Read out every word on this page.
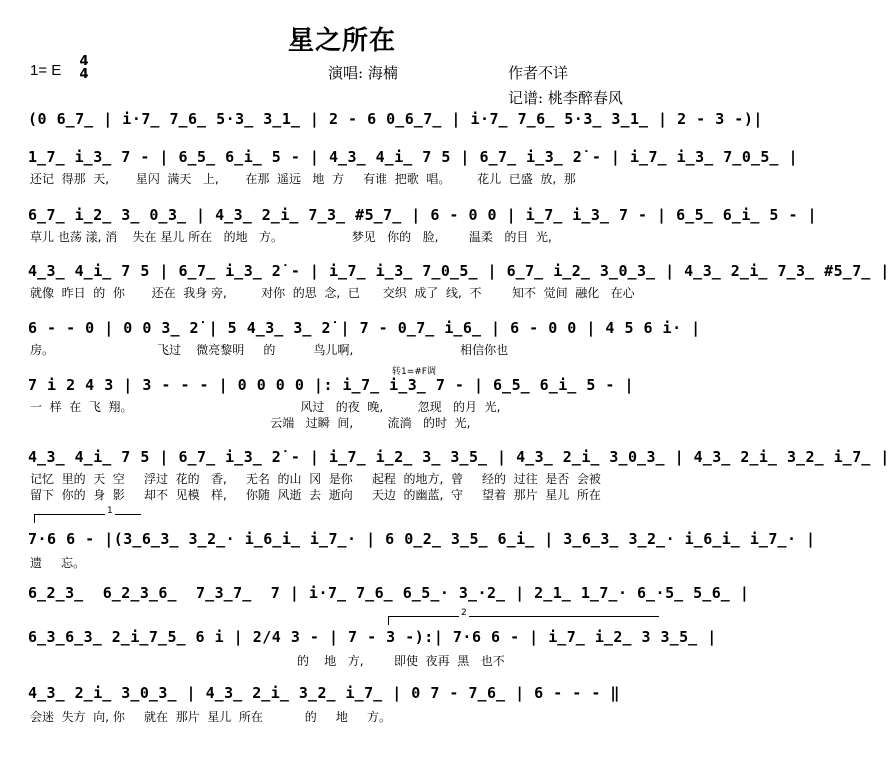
星之所在
1= E
4
4	演唱: 海楠	作者不详
记谱: 桃李醉春风
(0 6̲7̲ | i·7̲ 7̲6̲ 5·3̲ 3̲1̲ | 2 - 6 0̲6̲7̲ | i·7̲ 7̲6̲ 5·3̲ 3̲1̲ | 2 - 3 -)|
1̲7̲ i̲3̲ 7 - | 6̲5̲ 6̲i̲ 5 - | 4̲3̲ 4̲i̲ 7 5 | 6̲7̲ i̲3̲ 2̇ - | i̲7̲ i̲3̲ 7̲0̲5̲ |
还记  得那  天,       星闪  满天   上,       在那  遥远   地  方     有谁  把歌  唱。       花儿  已盛  放,  那
6̲7̲ i̲2̲ 3̲ 0̲3̲ | 4̲3̲ 2̲i̲ 7̲3̲ #5̲7̲ | 6 - 0 0 | i̲7̲ i̲3̲ 7 - | 6̲5̲ 6̲i̲ 5 - |
草儿 也荡 漾, 消    失在 星儿 所在   的地   方。                  梦见   你的   脸,        温柔   的目  光,
4̲3̲ 4̲i̲ 7 5 | 6̲7̲ i̲3̲ 2̇ - | i̲7̲ i̲3̲ 7̲0̲5̲ | 6̲7̲ i̲2̲ 3̲0̲3̲ | 4̲3̲ 2̲i̲ 7̲3̲ #5̲7̲ |
就像  昨日  的  你       还在  我身 旁,         对你  的思  念,  已      交织  成了  线,  不        知不  觉间  融化   在心
6 - - 0 | 0 0 3̲ 2̇ | 5 4̲3̲ 3̲ 2̇ | 7 - 0̲7̲ i̲6̲ | 6 - 0 0 | 4 5 6 i· |
房。                           飞过    微亮黎明     的          鸟儿啊,                            相信你也
转1=#F调
7 i 2 4 3 | 3 - - - | 0 0 0 0 |: i̲7̲ i̲3̲ 7 - | 6̲5̲ 6̲i̲ 5 - |
一  样  在  飞  翔。                                            风过   的夜  晚,         忽现   的月  光,
云端   过瞬  间,         流淌   的时  光,
4̲3̲ 4̲i̲ 7 5 | 6̲7̲ i̲3̲ 2̇ - | i̲7̲ i̲2̲ 3̲ 3̲5̲ | 4̲3̲ 2̲i̲ 3̲0̲3̲ | 4̲3̲ 2̲i̲ 3̲2̲ i̲7̲ |
记忆  里的  天  空     浮过  花的   香,     无名  的山  冈  是你     起程  的地方,  曾     经的  过往  是否  会被
留下  你的  身  影     却不  见模   样,     你随  风逝  去  逝向     天边  的幽蓝,  守     望着  那片  星儿  所在
1
7·6 6 - |(3̲6̲3̲ 3̲2̲· i̲6̲i̲ i̲7̲· | 6 0̲2̲ 3̲5̲ 6̲i̲ | 3̲6̲3̲ 3̲2̲· i̲6̲i̲ i̲7̲· |
遗     忘。
6̲2̲3̲  6̲2̲3̲6̲  7̲3̲7̲  7 | i·7̲ 7̲6̲ 6̲5̲· 3̲·2̲ | 2̲1̲ 1̲7̲· 6̲·5̲ 5̲6̲ |
2
6̲3̲6̲3̲ 2̲i̲7̲5̲ 6 i | 2/4 3 - | 7 - 3 -):| 7·6 6 - | i̲7̲ i̲2̲ 3 3̲5̲ |
的    地   方,        即使  夜再  黑   也不
4̲3̲ 2̲i̲ 3̲0̲3̲ | 4̲3̲ 2̲i̲ 3̲2̲ i̲7̲ | 0 7 - 7̲6̲ | 6 - - - ‖
会迷  失方  向, 你     就在  那片  星儿  所在           的     地     方。
